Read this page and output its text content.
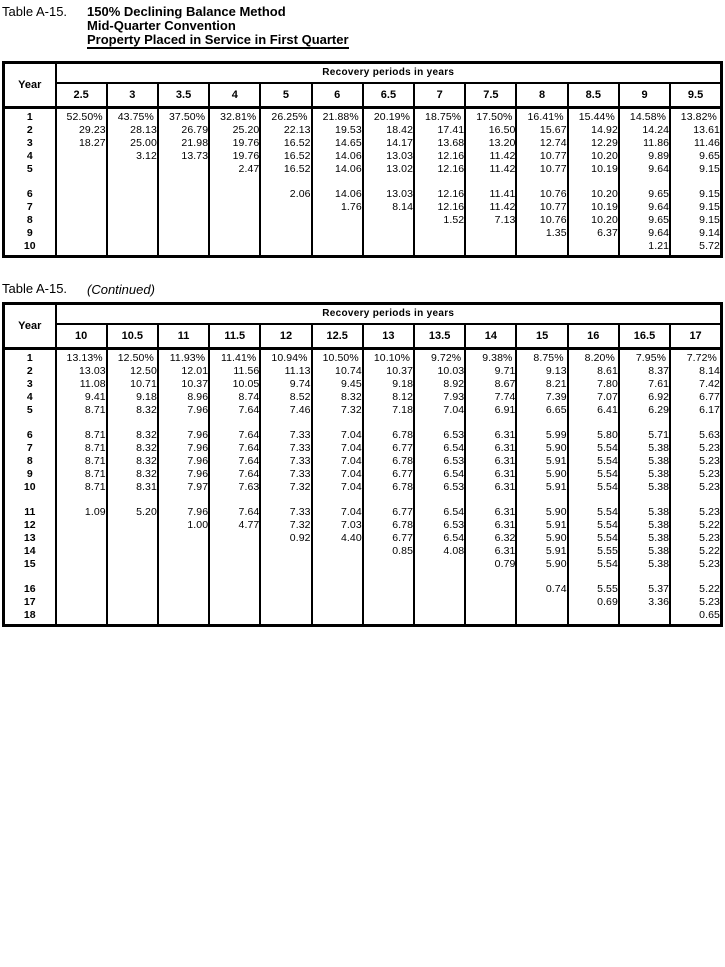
Table A-15.	150% Declining Balance Method
Mid-Quarter Convention
Property Placed in Service in First Quarter
Year	Recovery periods in years												
	2.5	3	3.5	4	5	6	6.5	7	7.5	8	8.5	9	9.5

1	52.50%	43.75%	37.50%	32.81%	26.25%	21.88%	20.19%	18.75%	17.50%	16.41%	15.44%	14.58%	13.82%
2	29.23	28.13	26.79	25.20	22.13	19.53	18.42	17.41	16.50	15.67	14.92	14.24	13.61
3	18.27	25.00	21.98	19.76	16.52	14.65	14.17	13.68	13.20	12.74	12.29	11.86	11.46
4		3.12	13.73	19.76	16.52	14.06	13.03	12.16	11.42	10.77	10.20	9.89	9.65
5				2.47	16.52	14.06	13.02	12.16	11.42	10.77	10.19	9.64	9.15

6					2.06	14.06	13.03	12.16	11.41	10.76	10.20	9.65	9.15
7						1.76	8.14	12.16	11.42	10.77	10.19	9.64	9.15
8								1.52	7.13	10.76	10.20	9.65	9.15
9										1.35	6.37	9.64	9.14
10												1.21	5.72

Table A-15.	(Continued)
Year	Recovery periods in years												
	10	10.5	11	11.5	12	12.5	13	13.5	14	15	16	16.5	17

1	13.13%	12.50%	11.93%	11.41%	10.94%	10.50%	10.10%	9.72%	9.38%	8.75%	8.20%	7.95%	7.72%
2	13.03	12.50	12.01	11.56	11.13	10.74	10.37	10.03	9.71	9.13	8.61	8.37	8.14
3	11.08	10.71	10.37	10.05	9.74	9.45	9.18	8.92	8.67	8.21	7.80	7.61	7.42
4	9.41	9.18	8.96	8.74	8.52	8.32	8.12	7.93	7.74	7.39	7.07	6.92	6.77
5	8.71	8.32	7.96	7.64	7.46	7.32	7.18	7.04	6.91	6.65	6.41	6.29	6.17

6	8.71	8.32	7.96	7.64	7.33	7.04	6.78	6.53	6.31	5.99	5.80	5.71	5.63
7	8.71	8.32	7.96	7.64	7.33	7.04	6.77	6.54	6.31	5.90	5.54	5.38	5.23
8	8.71	8.32	7.96	7.64	7.33	7.04	6.78	6.53	6.31	5.91	5.54	5.38	5.23
9	8.71	8.32	7.96	7.64	7.33	7.04	6.77	6.54	6.31	5.90	5.54	5.38	5.23
10	8.71	8.31	7.97	7.63	7.32	7.04	6.78	6.53	6.31	5.91	5.54	5.38	5.23

11	1.09	5.20	7.96	7.64	7.33	7.04	6.77	6.54	6.31	5.90	5.54	5.38	5.23
12			1.00	4.77	7.32	7.03	6.78	6.53	6.31	5.91	5.54	5.38	5.22
13					0.92	4.40	6.77	6.54	6.32	5.90	5.54	5.38	5.23
14							0.85	4.08	6.31	5.91	5.55	5.38	5.22
15									0.79	5.90	5.54	5.38	5.23

16										0.74	5.55	5.37	5.22
17											0.69	3.36	5.23
18													0.65
